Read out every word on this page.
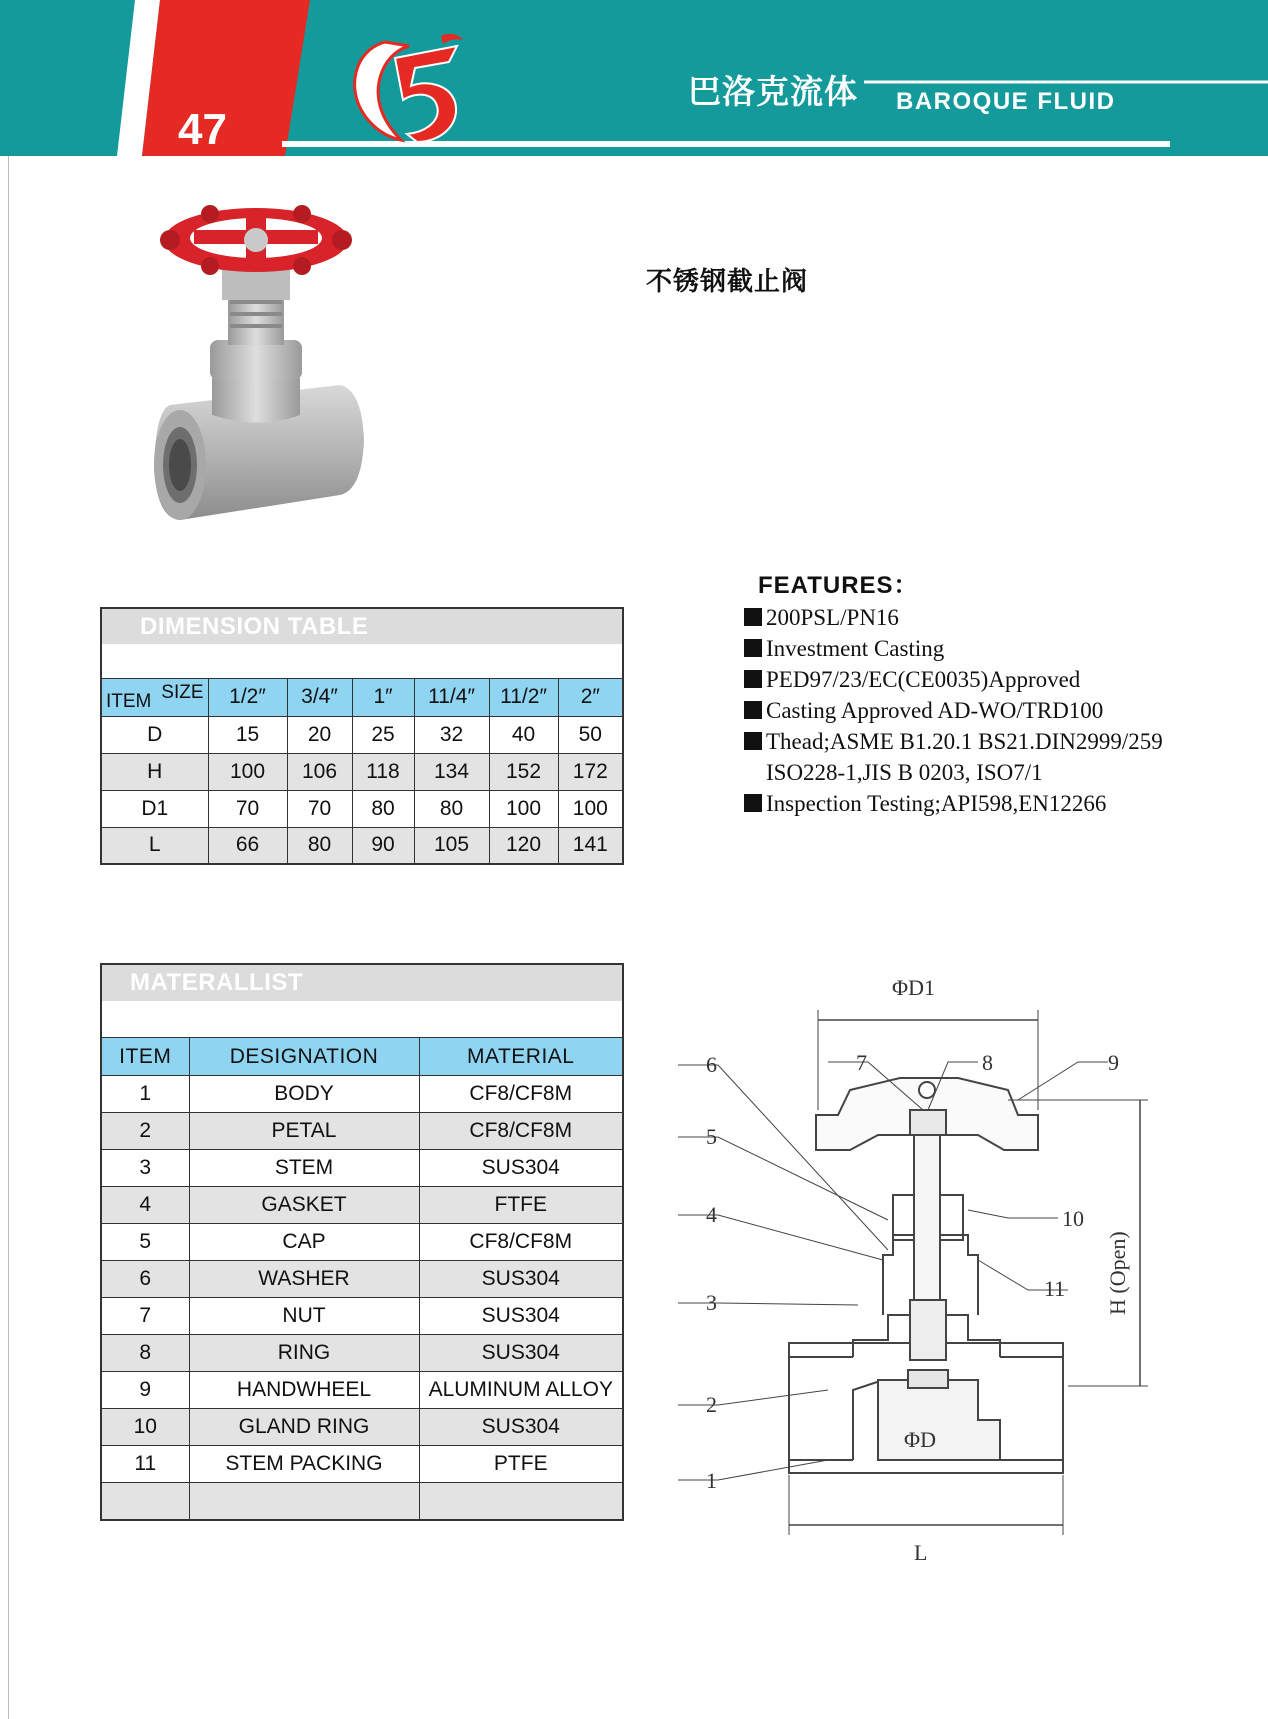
47
巴洛克流体 BAROQUE FLUID
不锈钢截止阀
FEATURES：
200PSL/PN16
Investment Casting
PED97/23/EC(CE0035)Approved
Casting Approved AD-WO/TRD100
Thead;ASME B1.20.1 BS21.DIN2999/259
ISO228-1,JIS B 0203, ISO7/1
Inspection Testing;API598,EN12266
DIMENSION TABLE						

SIZE
ITEM	1/2″	3/4″	1″	11/4″	11/2″	2″
D	15	20	25	32	40	50
H	100	106	118	134	152	172
D1	70	70	80	80	100	100
L	66	80	90	105	120	141
MATERALLIST		

ITEM	DESIGNATION	MATERIAL
1	BODY	CF8/CF8M
2	PETAL	CF8/CF8M
3	STEM	SUS304
4	GASKET	FTFE
5	CAP	CF8/CF8M
6	WASHER	SUS304
7	NUT	SUS304
8	RING	SUS304
9	HANDWHEEL	ALUMINUM ALLOY
10	GLAND RING	SUS304
11	STEM PACKING	PTFE

ΦD1
ΦD
L
H (Open)
1
2
3
4
5
6	7	8	9
10
11
